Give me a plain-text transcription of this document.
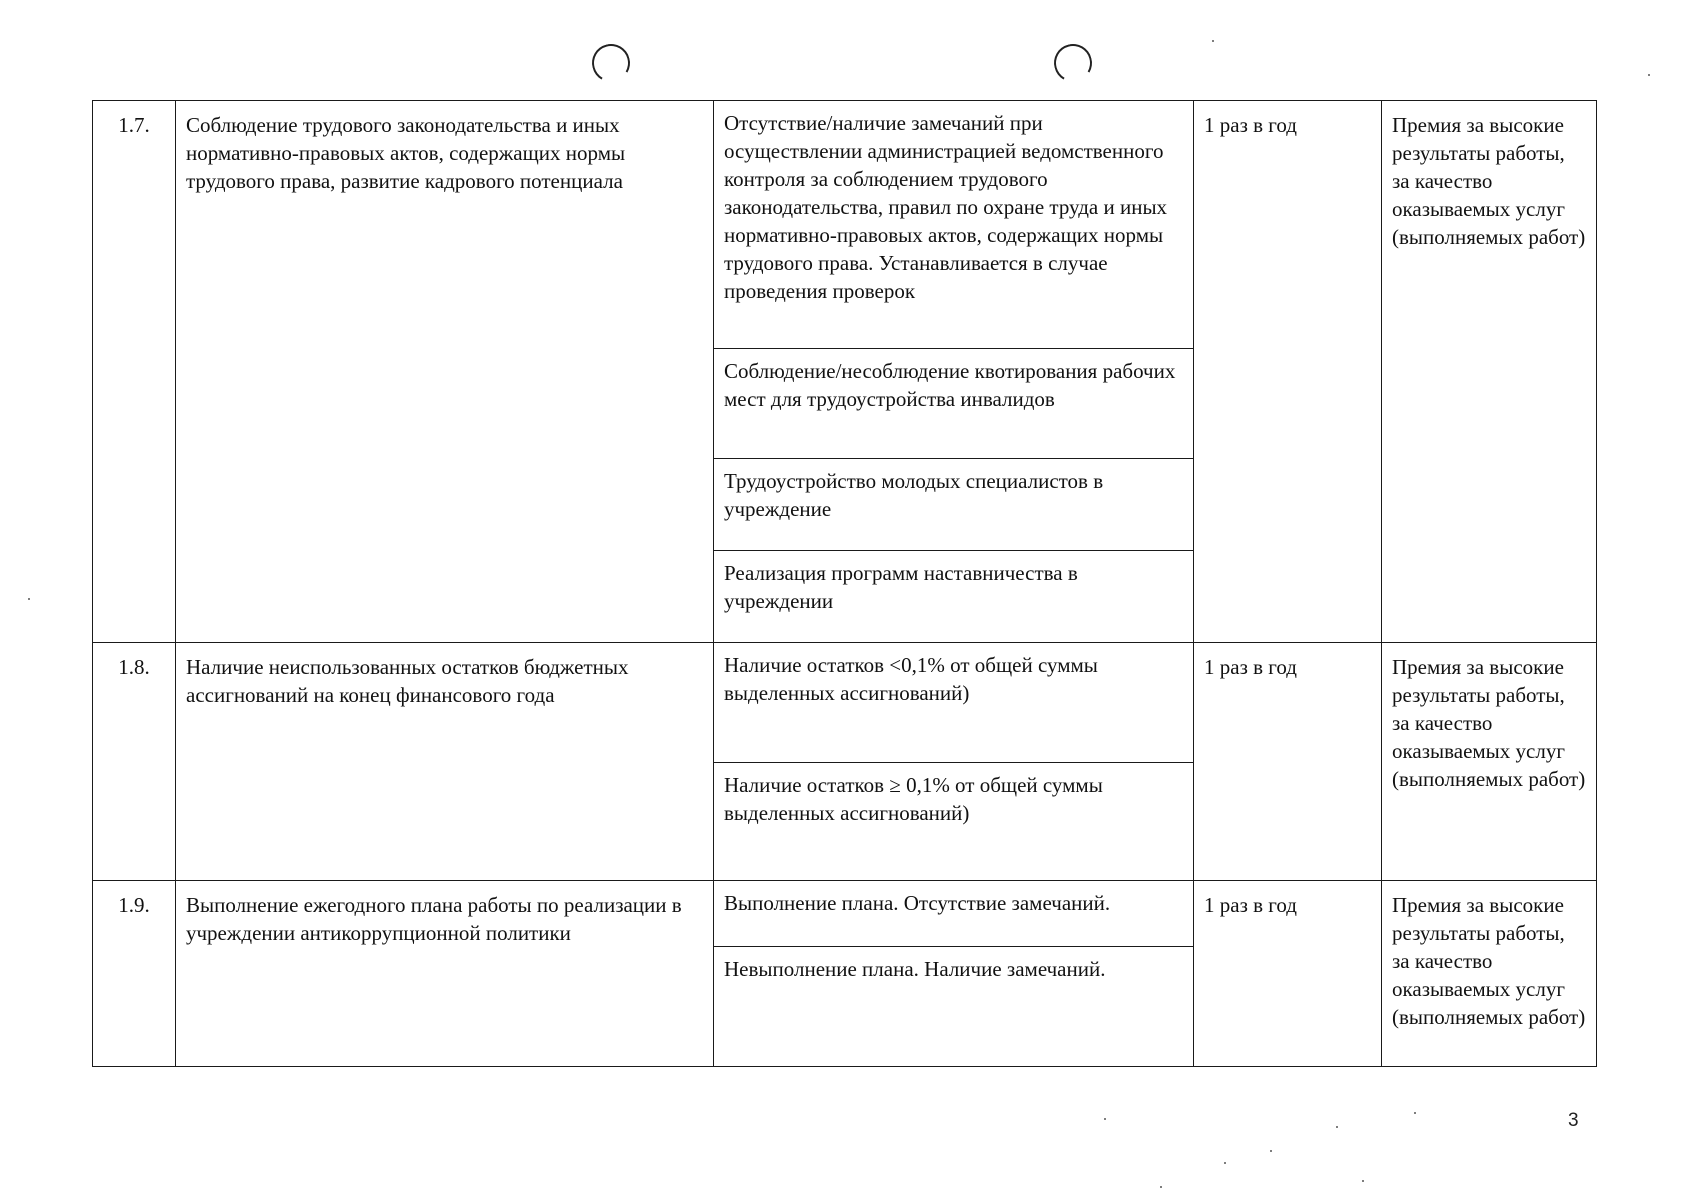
1.7.	Соблюдение трудового законодательства и иных нормативно-правовых актов, содержащих нормы трудового права, развитие кадрового потенциала	Отсутствие/наличие замечаний при осуществлении администрацией ведомственного контроля за соблюдением трудового законодательства, правил по охране труда и иных нормативно-правовых актов, содержащих нормы трудового права. Устанавливается в случае проведения проверок	1 раз в год	Премия за высокие результаты работы, за качество оказываемых услуг (выполняемых работ)
		Соблюдение/несоблюдение квотирования рабочих мест для трудоустройства инвалидов		
		Трудоустройство молодых специалистов в учреждение		
		Реализация программ наставничества в учреждении		
1.8.	Наличие неиспользованных остатков бюджетных ассигнований на конец финансового года	Наличие остатков <0,1% от общей суммы выделенных ассигнований)	1 раз в год	Премия за высокие результаты работы, за качество оказываемых услуг (выполняемых работ)
		Наличие остатков ≥ 0,1% от общей суммы выделенных ассигнований)		
1.9.	Выполнение ежегодного плана работы по реализации в учреждении антикоррупционной политики	Выполнение плана. Отсутствие замечаний.	1 раз в год	Премия за высокие результаты работы, за качество оказываемых услуг (выполняемых работ)
		Невыполнение плана. Наличие замечаний.		
3
